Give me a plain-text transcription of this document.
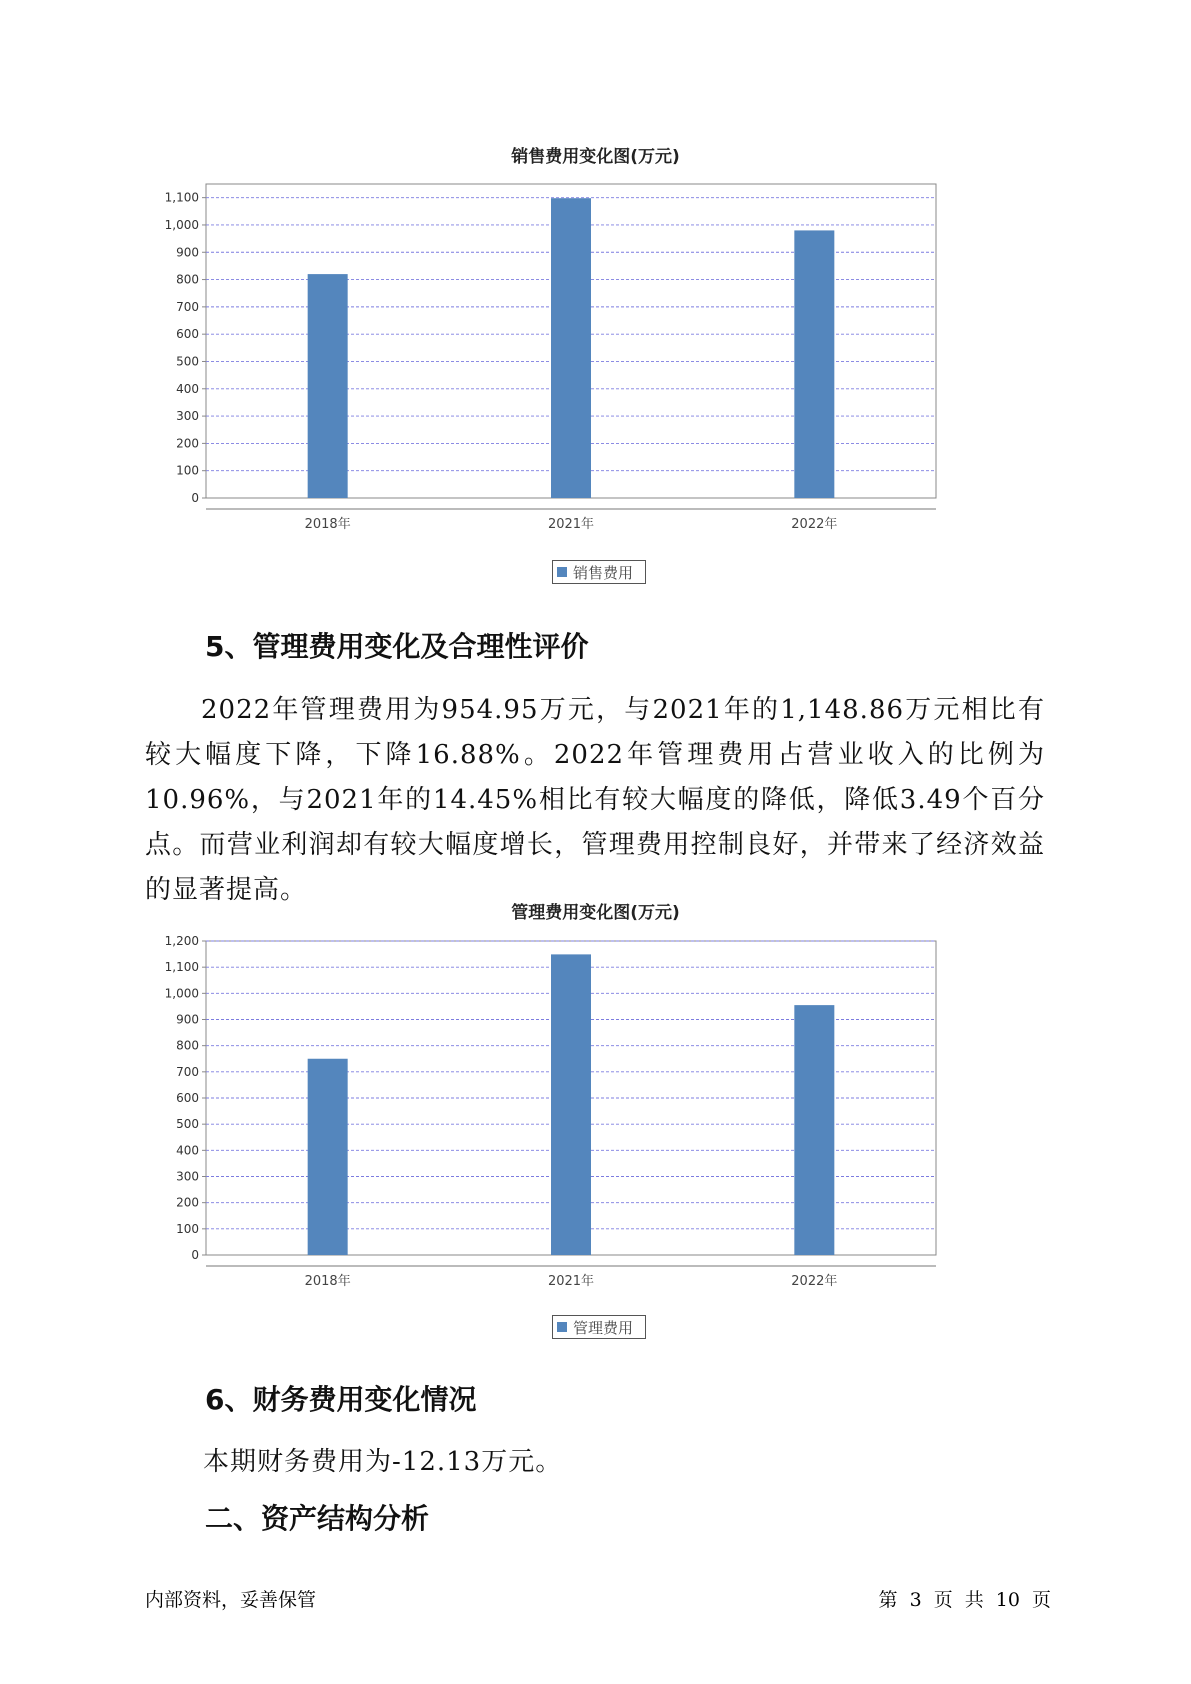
销售费用变化图(万元)
0
100
200
300
400
500
600
700
800
900
1,000
1,100
2018年	2021年	2022年
销售费用
5、管理费用变化及合理性评价

2022年管理费用为954.95万元，与2021年的1,148.86万元相比有较大幅度下降，下降16.88%。2022年管理费用占营业收入的比例为10.96%，与2021年的14.45%相比有较大幅度的降低，降低3.49个百分点。而营业利润却有较大幅度增长，管理费用控制良好，并带来了经济效益的显著提高。

管理费用变化图(万元)
0
100
200
300
400
500
600
700
800
900
1,000
1,100
1,200
2018年	2021年	2022年
管理费用
6、财务费用变化情况

本期财务费用为-12.13万元。

二、资产结构分析
内部资料，妥善保管	第 3 页 共 10 页
